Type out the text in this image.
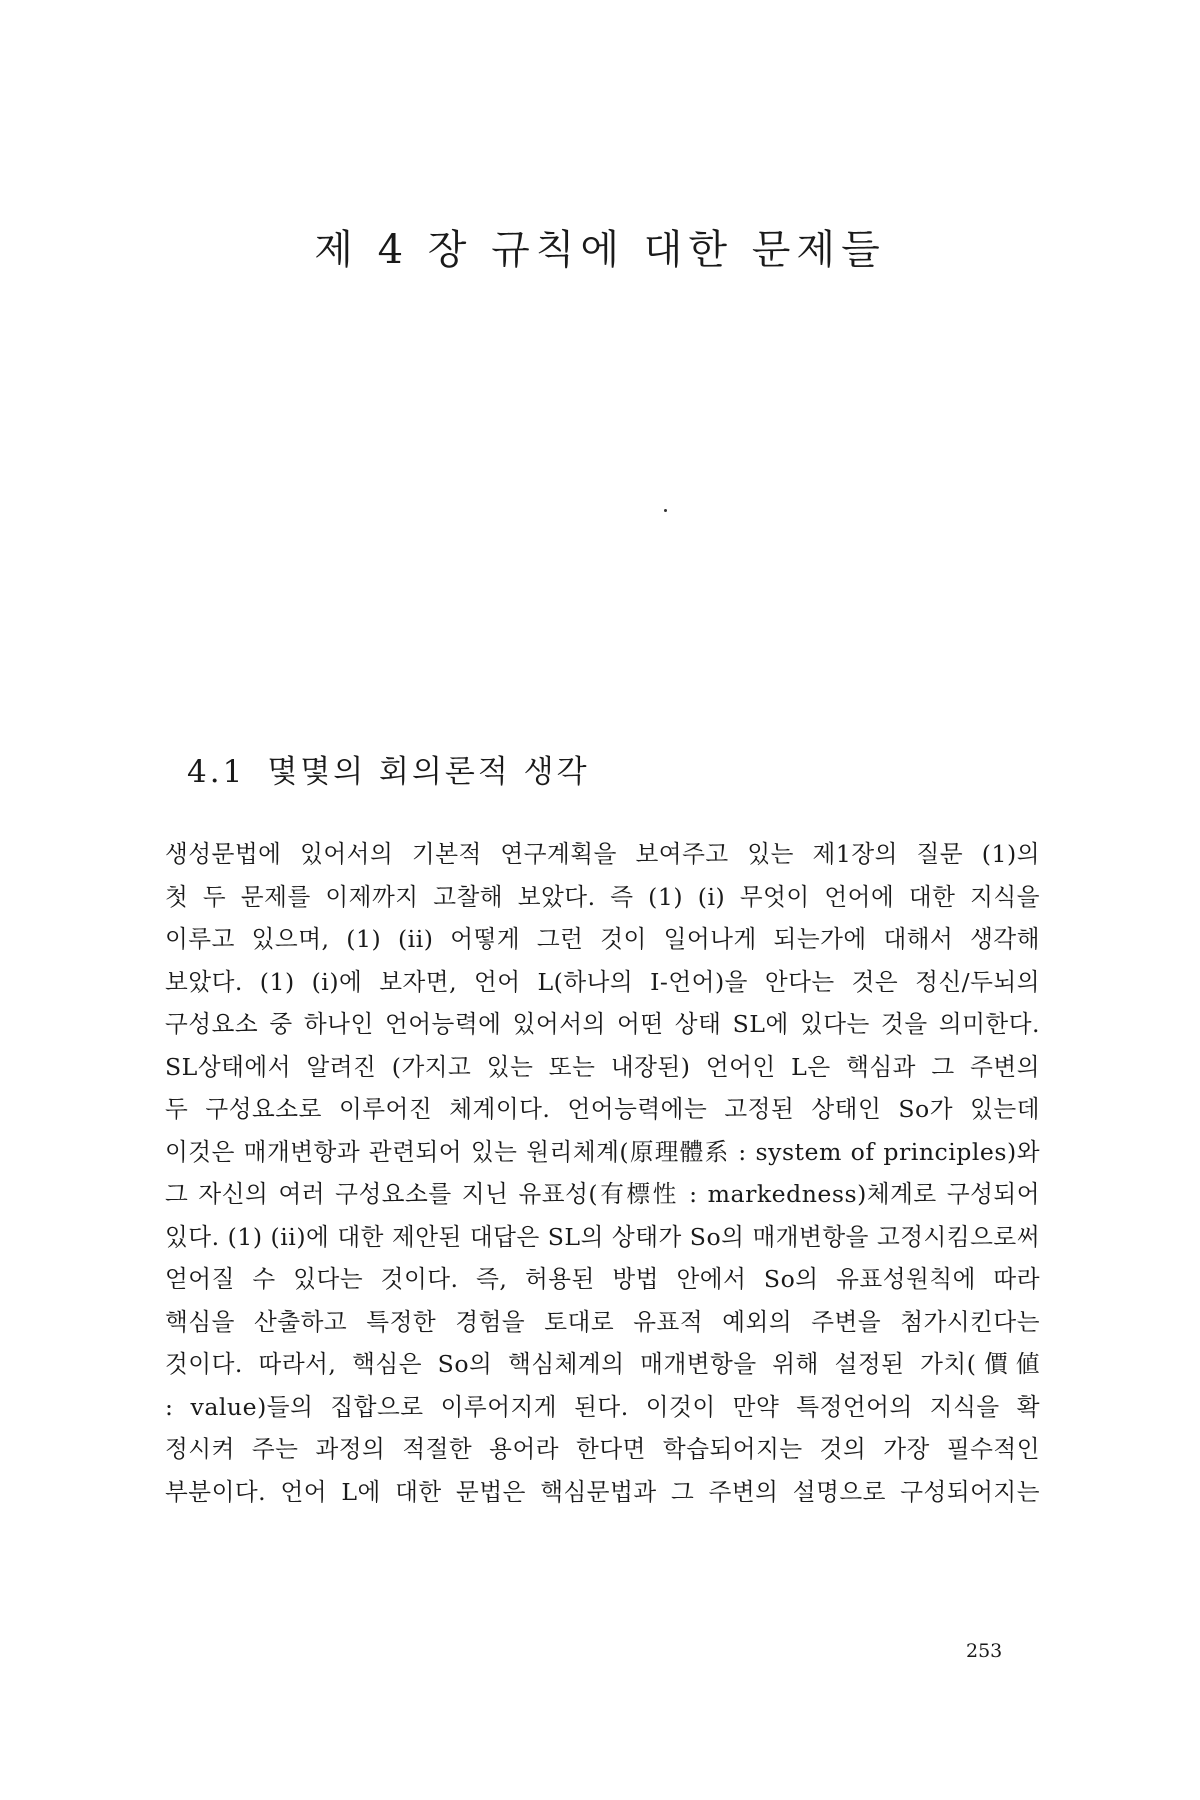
제 4 장 규칙에 대한 문제들
4.1 몇몇의 회의론적 생각
생성문법에 있어서의 기본적 연구계획을 보여주고 있는 제1장의 질문 (1)의
첫 두 문제를 이제까지 고찰해 보았다. 즉 (1) (i) 무엇이 언어에 대한 지식을
이루고 있으며, (1) (ii) 어떻게 그런 것이 일어나게 되는가에 대해서 생각해
보았다. (1) (i)에 보자면, 언어 L(하나의 I-언어)을 안다는 것은 정신/두뇌의
구성요소 중 하나인 언어능력에 있어서의 어떤 상태 SL에 있다는 것을 의미한다.
SL상태에서 알려진 (가지고 있는 또는 내장된) 언어인 L은 핵심과 그 주변의
두 구성요소로 이루어진 체계이다. 언어능력에는 고정된 상태인 So가 있는데
이것은 매개변항과 관련되어 있는 원리체계(原理體系 : system of principles)와
그 자신의 여러 구성요소를 지닌 유표성(有標性 : markedness)체계로 구성되어
있다. (1) (ii)에 대한 제안된 대답은 SL의 상태가 So의 매개변항을 고정시킴으로써
얻어질 수 있다는 것이다. 즉, 허용된 방법 안에서 So의 유표성원칙에 따라
핵심을 산출하고 특정한 경험을 토대로 유표적 예외의 주변을 첨가시킨다는
것이다. 따라서, 핵심은 So의 핵심체계의 매개변항을 위해 설정된 가치(價値
: value)들의 집합으로 이루어지게 된다. 이것이 만약 특정언어의 지식을 확
정시켜 주는 과정의 적절한 용어라 한다면 학습되어지는 것의 가장 필수적인
부분이다. 언어 L에 대한 문법은 핵심문법과 그 주변의 설명으로 구성되어지는
253
